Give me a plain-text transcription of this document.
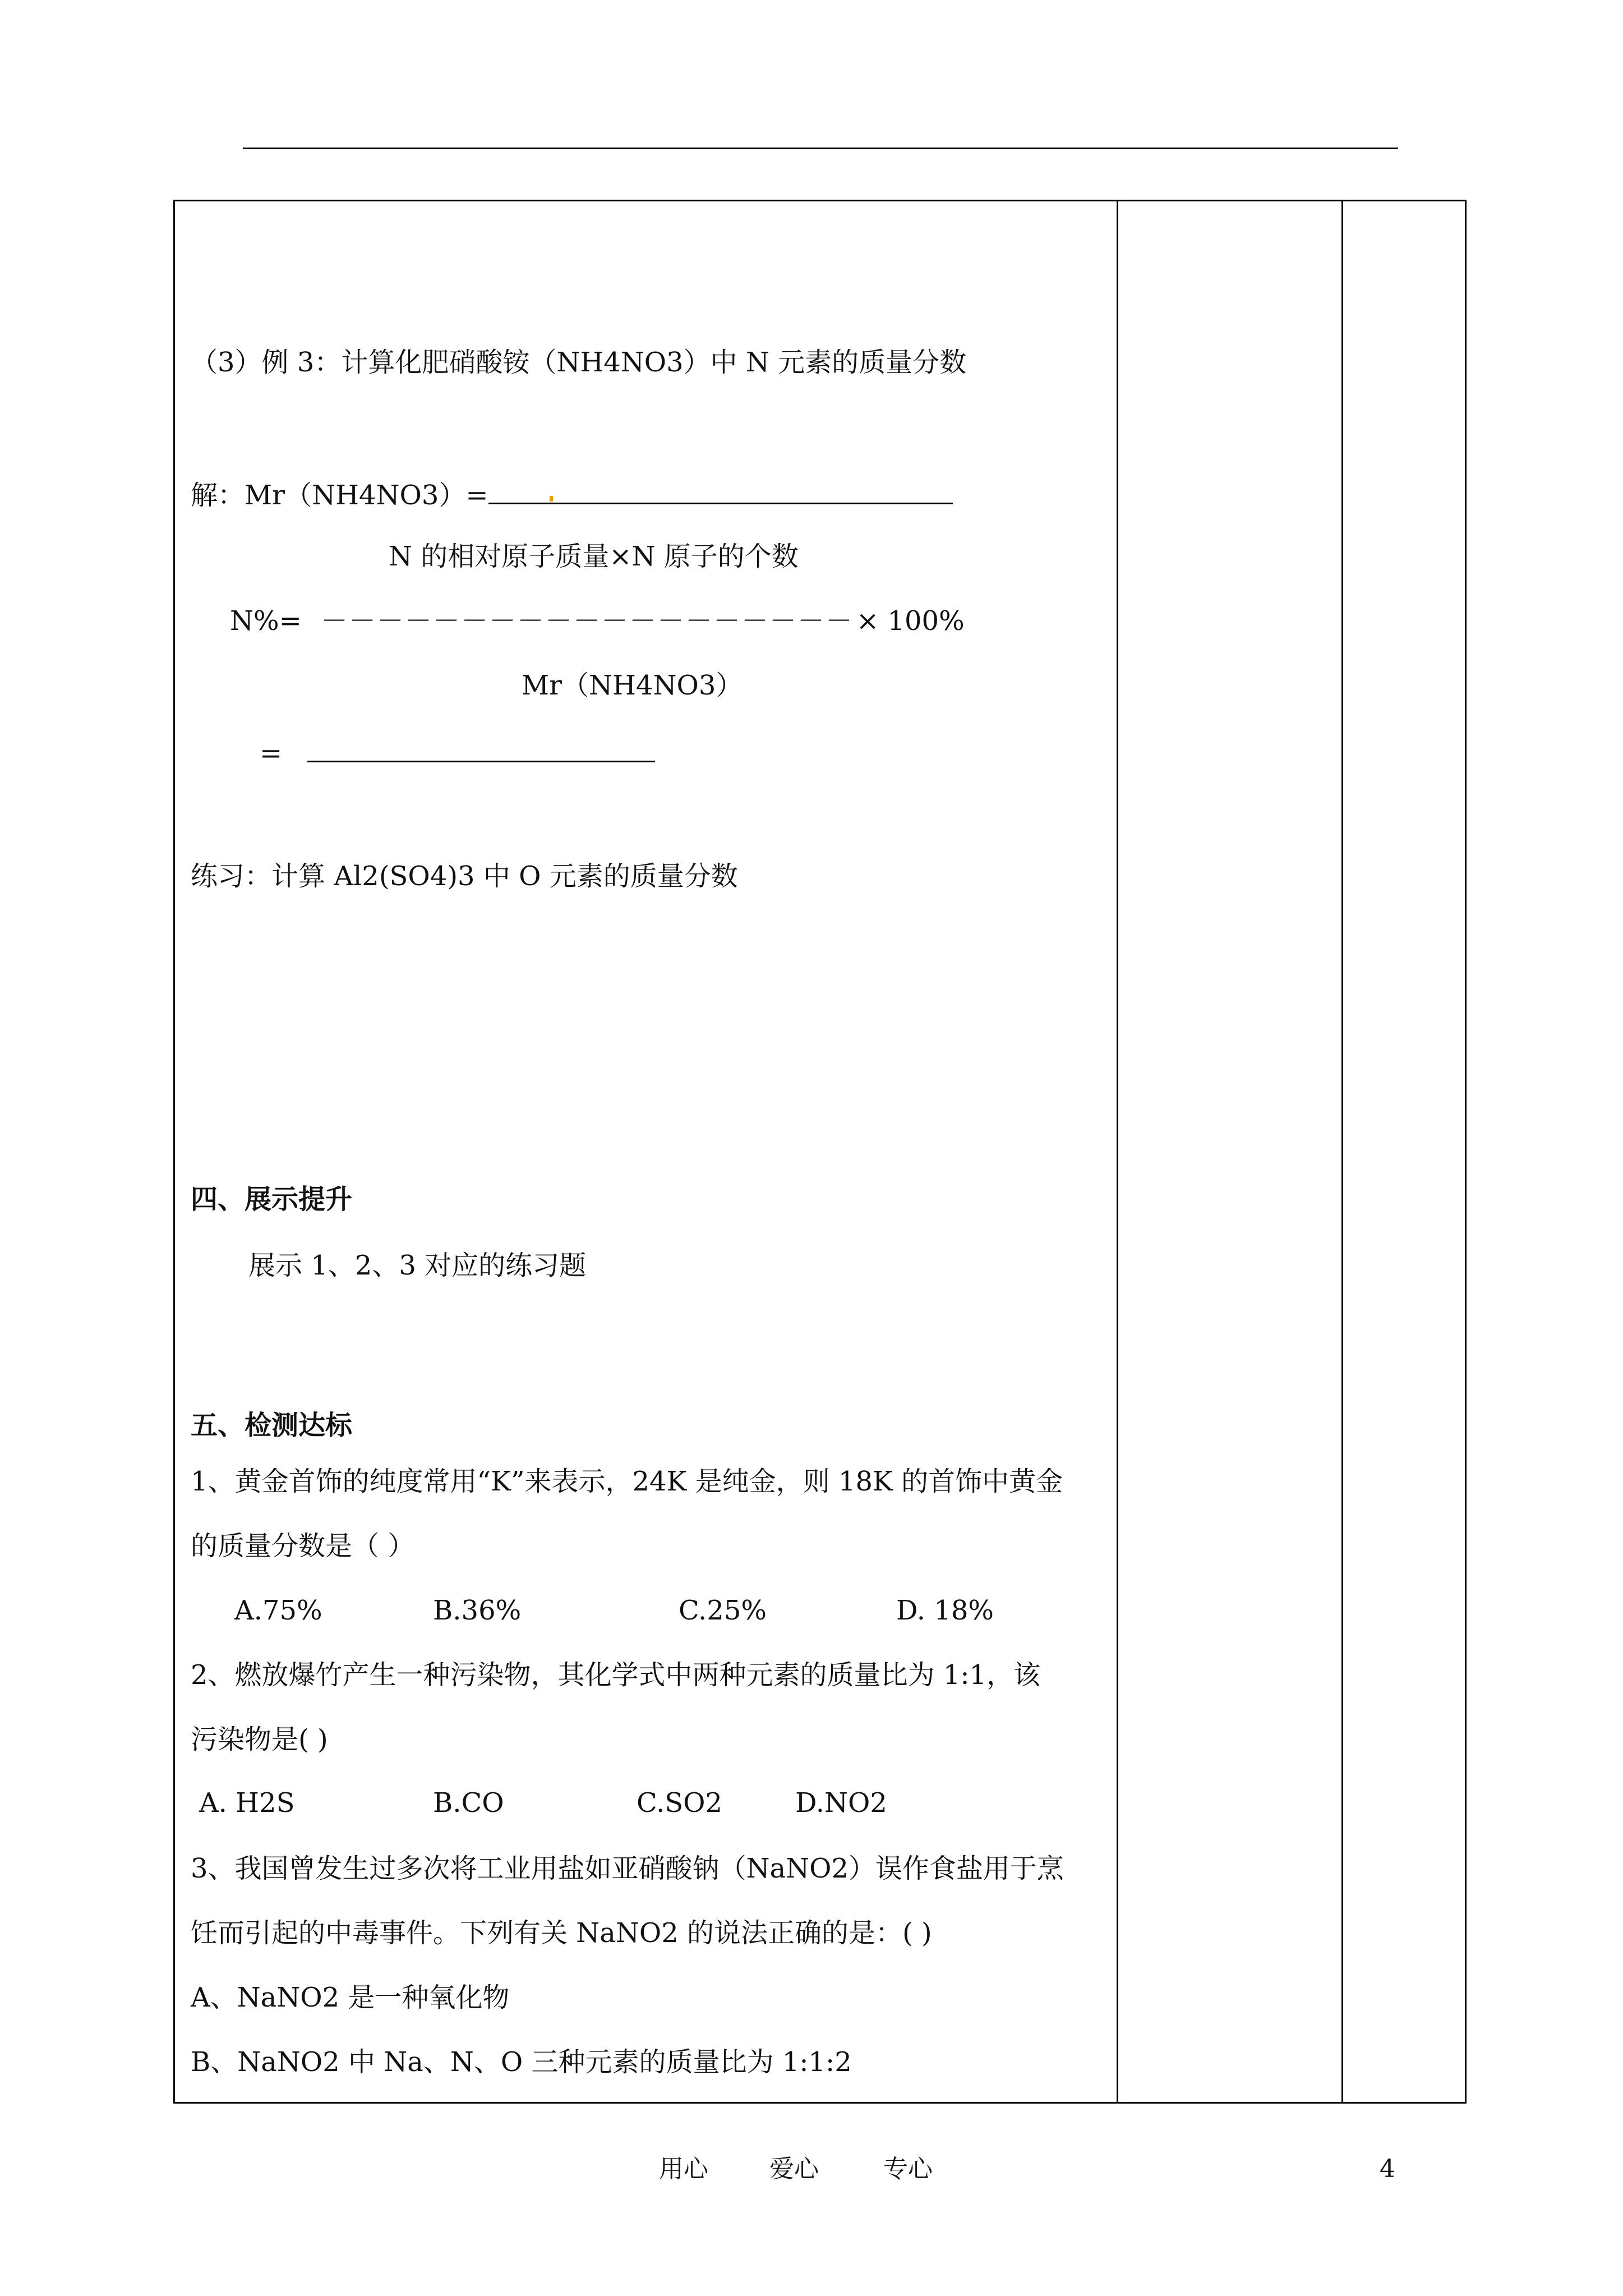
（3）例 3：计算化肥硝酸铵（NH4NO3）中 N 元素的质量分数
解：Mr（NH4NO3）=
N 的相对原子质量×N 原子的个数
N%= －－－－－－－－－－－－－－－－－－－ × 100%
Mr（NH4NO3）
=
练习：计算 Al2(SO4)3 中 O 元素的质量分数
四、展示提升
展示 1、2、3 对应的练习题
五、检测达标
1、黄金首饰的纯度常用“K”来表示，24K 是纯金，则 18K 的首饰中黄金
的质量分数是（ ）
A.75%	B.36%	C.25%	D. 18%
2、燃放爆竹产生一种污染物，其化学式中两种元素的质量比为 1:1，该
污染物是( )
A. H2S	B.CO	C.SO2	D.NO2
3、我国曾发生过多次将工业用盐如亚硝酸钠（NaNO2）误作食盐用于烹
饪而引起的中毒事件。下列有关 NaNO2 的说法正确的是：( )
A、NaNO2 是一种氧化物
B、NaNO2 中 Na、N、O 三种元素的质量比为 1:1:2
用心 爱心	专心	4
